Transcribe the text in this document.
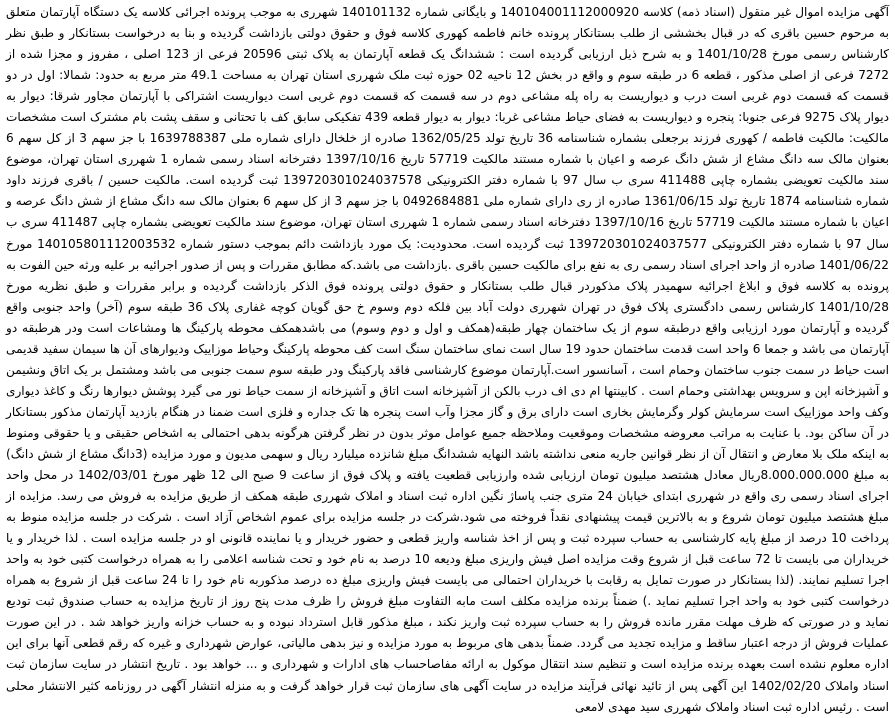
آگهی مزایده اموال غیر منقول (اسناد ذمه) کلاسه 140104001112000920 و بایگانی شماره 140101132 شهرری به موجب پرونده اجرائی کلاسه یک دستگاه آپارتمان متعلق به مرحوم حسین باقری که در قبال بخششی از طلب بستانکار پرونده خانم فاطمه کهوری کلاسه فوق و حقوق دولتی بازداشت گردیده و بنا به درخواست بستانکار و طبق نظر کارشناس رسمی مورخ 1401/10/28 و به شرح ذیل ارزیابی گردیده است : ششدانگ یک قطعه آپارتمان به پلاک ثبتی 20596 فرعی از 123 اصلی ، مفروز و مجزا شده از 7272 فرعی از اصلی مذکور ، قطعه 6 در طبقه سوم و واقع در بخش 12 ناحیه 02 حوزه ثبت ملک شهرری استان تهران به مساحت 49.1 متر مربع به حدود: شمالا: اول در دو قسمت که قسمت دوم غربی است درب و دیواریست به راه پله مشاعی دوم در سه قسمت که قسمت دوم غربی است دیواریست اشتراکی با آپارتمان مجاور شرقا: دیوار به دیوار پلاک 9275 فرعی جنوبا: پنجره و دیواریست به فضای حیاط مشاعی غربا: دیوار به دیوار قطعه 439 تفکیکی سابق کف با تحتانی و سقف پشت بام مشترک است مشخصات مالکیت: مالکیت فاطمه / کهوری فرزند برجعلی بشماره شناسنامه 36 تاریخ تولد 1362/05/25 صادره از خلخال دارای شماره ملی 1639788387 با جز سهم 3 از کل سهم 6 بعنوان مالک سه دانگ مشاع از شش دانگ عرصه و اعیان با شماره مستند مالکیت 57719 تاریخ 1397/10/16 دفترخانه اسناد رسمی شماره 1 شهرری استان تهران، موضوع سند مالکیت تعویضی بشماره چاپی 411488 سری ب سال 97 با شماره دفتر الکترونیکی 139720301024037578 ثبت گردیده است. مالکیت حسین / باقری فرزند داود شماره شناسنامه 1874 تاریخ تولد 1361/06/15 صادره از ری دارای شماره ملی 0492684881 با جز سهم 3 از کل سهم 6 بعنوان مالک سه دانگ مشاع از شش دانگ عرصه و اعیان با شماره مستند مالکیت 57719 تاریخ 1397/10/16 دفترخانه اسناد رسمی شماره 1 شهرری استان تهران، موضوع سند مالکیت تعویضی بشماره چاپی 411487 سری ب سال 97 با شماره دفتر الکترونیکی 139720301024037577 ثبت گردیده است. محدودیت: یک مورد بازداشت دائم بموجب دستور شماره 140105801112003532 مورخ 1401/06/22 صادره از واحد اجرای اسناد رسمی ری به نفع برای مالکیت حسین باقری .بازداشت می باشد.که مطابق مقررات و پس از صدور اجرائیه بر علیه ورثه حین الفوت به پرونده به کلاسه فوق و ابلاغ اجرائیه سهمیدر پلاک مذکوردر قبال طلب بستانکار و حقوق دولتی پرونده فوق الذکر بازداشت گردیده و برابر مقررات و طبق نظریه مورخ 1401/10/28 کارشناس رسمی دادگستری پلاک فوق در تهران شهرری دولت آباد بین فلکه دوم وسوم خ حق گویان کوچه غفاری پلاک 36 طبقه سوم (آخر) واحد جنوبی واقع گردیده و آپارتمان مورد ارزیابی واقع درطبقه سوم از یک ساختمان چهار طبقه(همکف و اول و دوم وسوم) می باشدهمکف محوطه پارکینگ ها ومشاعات است ودر هرطبقه دو آپارتمان می باشد و جمعا 6 واحد است قدمت ساختمان حدود 19 سال است نمای ساختمان سنگ است کف محوطه پارکینگ وحیاط موزاییک ودیوارهای آن ها سیمان سفید قدیمی است حیاط در سمت جنوب ساختمان وحمام است ، آسانسور است.آپارتمان موضوع کارشناسی فاقد پارکینگ ودر طبقه سوم سمت جنوبی می باشد ومشتمل بر یک اتاق ونشیمن و آشپزخانه اپن و سرویس بهداشتی وحمام است . کابینتها ام دی اف درب بالکن از آشپزخانه است اتاق و آشپزخانه از سمت حیاط نور می گیرد پوشش دیوارها رنگ و کاغذ دیواری وکف واحد موزاییک است سرمایش کولر وگرمایش بخاری است دارای برق و گاز مجزا وآب است پنجره ها تک جداره و فلزی است ضمنا در هنگام بازدید آپارتمان مذکور بستانکار در آن ساکن بود. با عنایت به مراتب معروضه مشخصات وموقعیت وملاحظه جمیع عوامل موثر بدون در نظر گرفتن هرگونه بدهی احتمالی به اشخاص حقیقی و یا حقوقی ومنوط به اینکه ملک بلا معارض و انتقال آن از نظر قوانین جاریه منعی نداشته باشد النهایه ششدانگ مبلغ شانزده میلیارد ریال و سهمی مدیون و مورد مزایده (3دانگ مشاع از شش دانگ) به مبلغ 8.000.000.000ریال معادل هشتصد میلیون تومان ارزیابی شده وارزیابی قطعیت یافته و پلاک فوق از ساعت 9 صبح الی 12 ظهر مورخ 1402/03/01 در محل واحد اجرای اسناد رسمی ری واقع در شهرری ابتدای خیابان 24 متری جنب پاساژ نگین اداره ثبت اسناد و املاک شهرری طبقه همکف از طریق مزایده به فروش می رسد. مزایده از مبلغ هشتصد میلیون تومان شروع و به بالاترین قیمت پیشنهادی نقداً فروخته می شود.شرکت در جلسه مزایده برای عموم اشخاص آزاد است . شرکت در جلسه مزایده منوط به پرداخت 10 درصد از مبلغ پایه کارشناسی به حساب سپرده ثبت و پس از اخذ شناسه واریز قطعی و حضور خریدار و یا نماینده قانونی او در جلسه مزایده است . لذا خریدار و یا خریداران می بایست تا 72 ساعت قبل از شروع وقت مزایده اصل فیش واریزی مبلغ ودیعه 10 درصد به نام خود و تحت شناسه اعلامی را به همراه درخواست کتبی خود به واحد اجرا تسلیم نمایند. (لذا بستانکار در صورت تمایل به رقابت با خریداران احتمالی می بایست فیش واریزی مبلغ ده درصد مذکوربه نام خود را تا 24 ساعت قبل از شروع به همراه درخواست کتبی خود به واحد اجرا تسلیم نماید .) ضمناً برنده مزایده مکلف است مابه التفاوت مبلغ فروش را ظرف مدت پنج روز از تاریخ مزایده به حساب صندوق ثبت تودیع نماید و در صورتی که ظرف مهلت مقرر مانده فروش را به حساب سپرده ثبت واریز نکند ، مبلغ مذکور قابل استرداد نبوده و به حساب خزانه واریز خواهد شد . در این صورت عملیات فروش از درجه اعتبار ساقط و مزایده تجدید می گردد. ضمناً بدهی های مربوط به مورد مزایده و نیز بدهی مالیاتی، عوارض شهرداری و غیره که رقم قطعی آنها برای این اداره معلوم نشده است بعهده برنده مزایده است و تنظیم سند انتقال موکول به ارائه مفاصاحساب های ادارات و شهرداری و ... خواهد بود . تاریخ انتشار در سایت سازمان ثبت اسناد واملاک 1402/02/20 این آگهی پس از تائید نهائی فرآیند مزایده در سایت آگهی های سازمان ثبت قرار خواهد گرفت و به منزله انتشار آگهی در روزنامه کثیر الانتشار محلی است . رئیس اداره ثبت اسناد واملاک شهرری سید مهدی لامعی
